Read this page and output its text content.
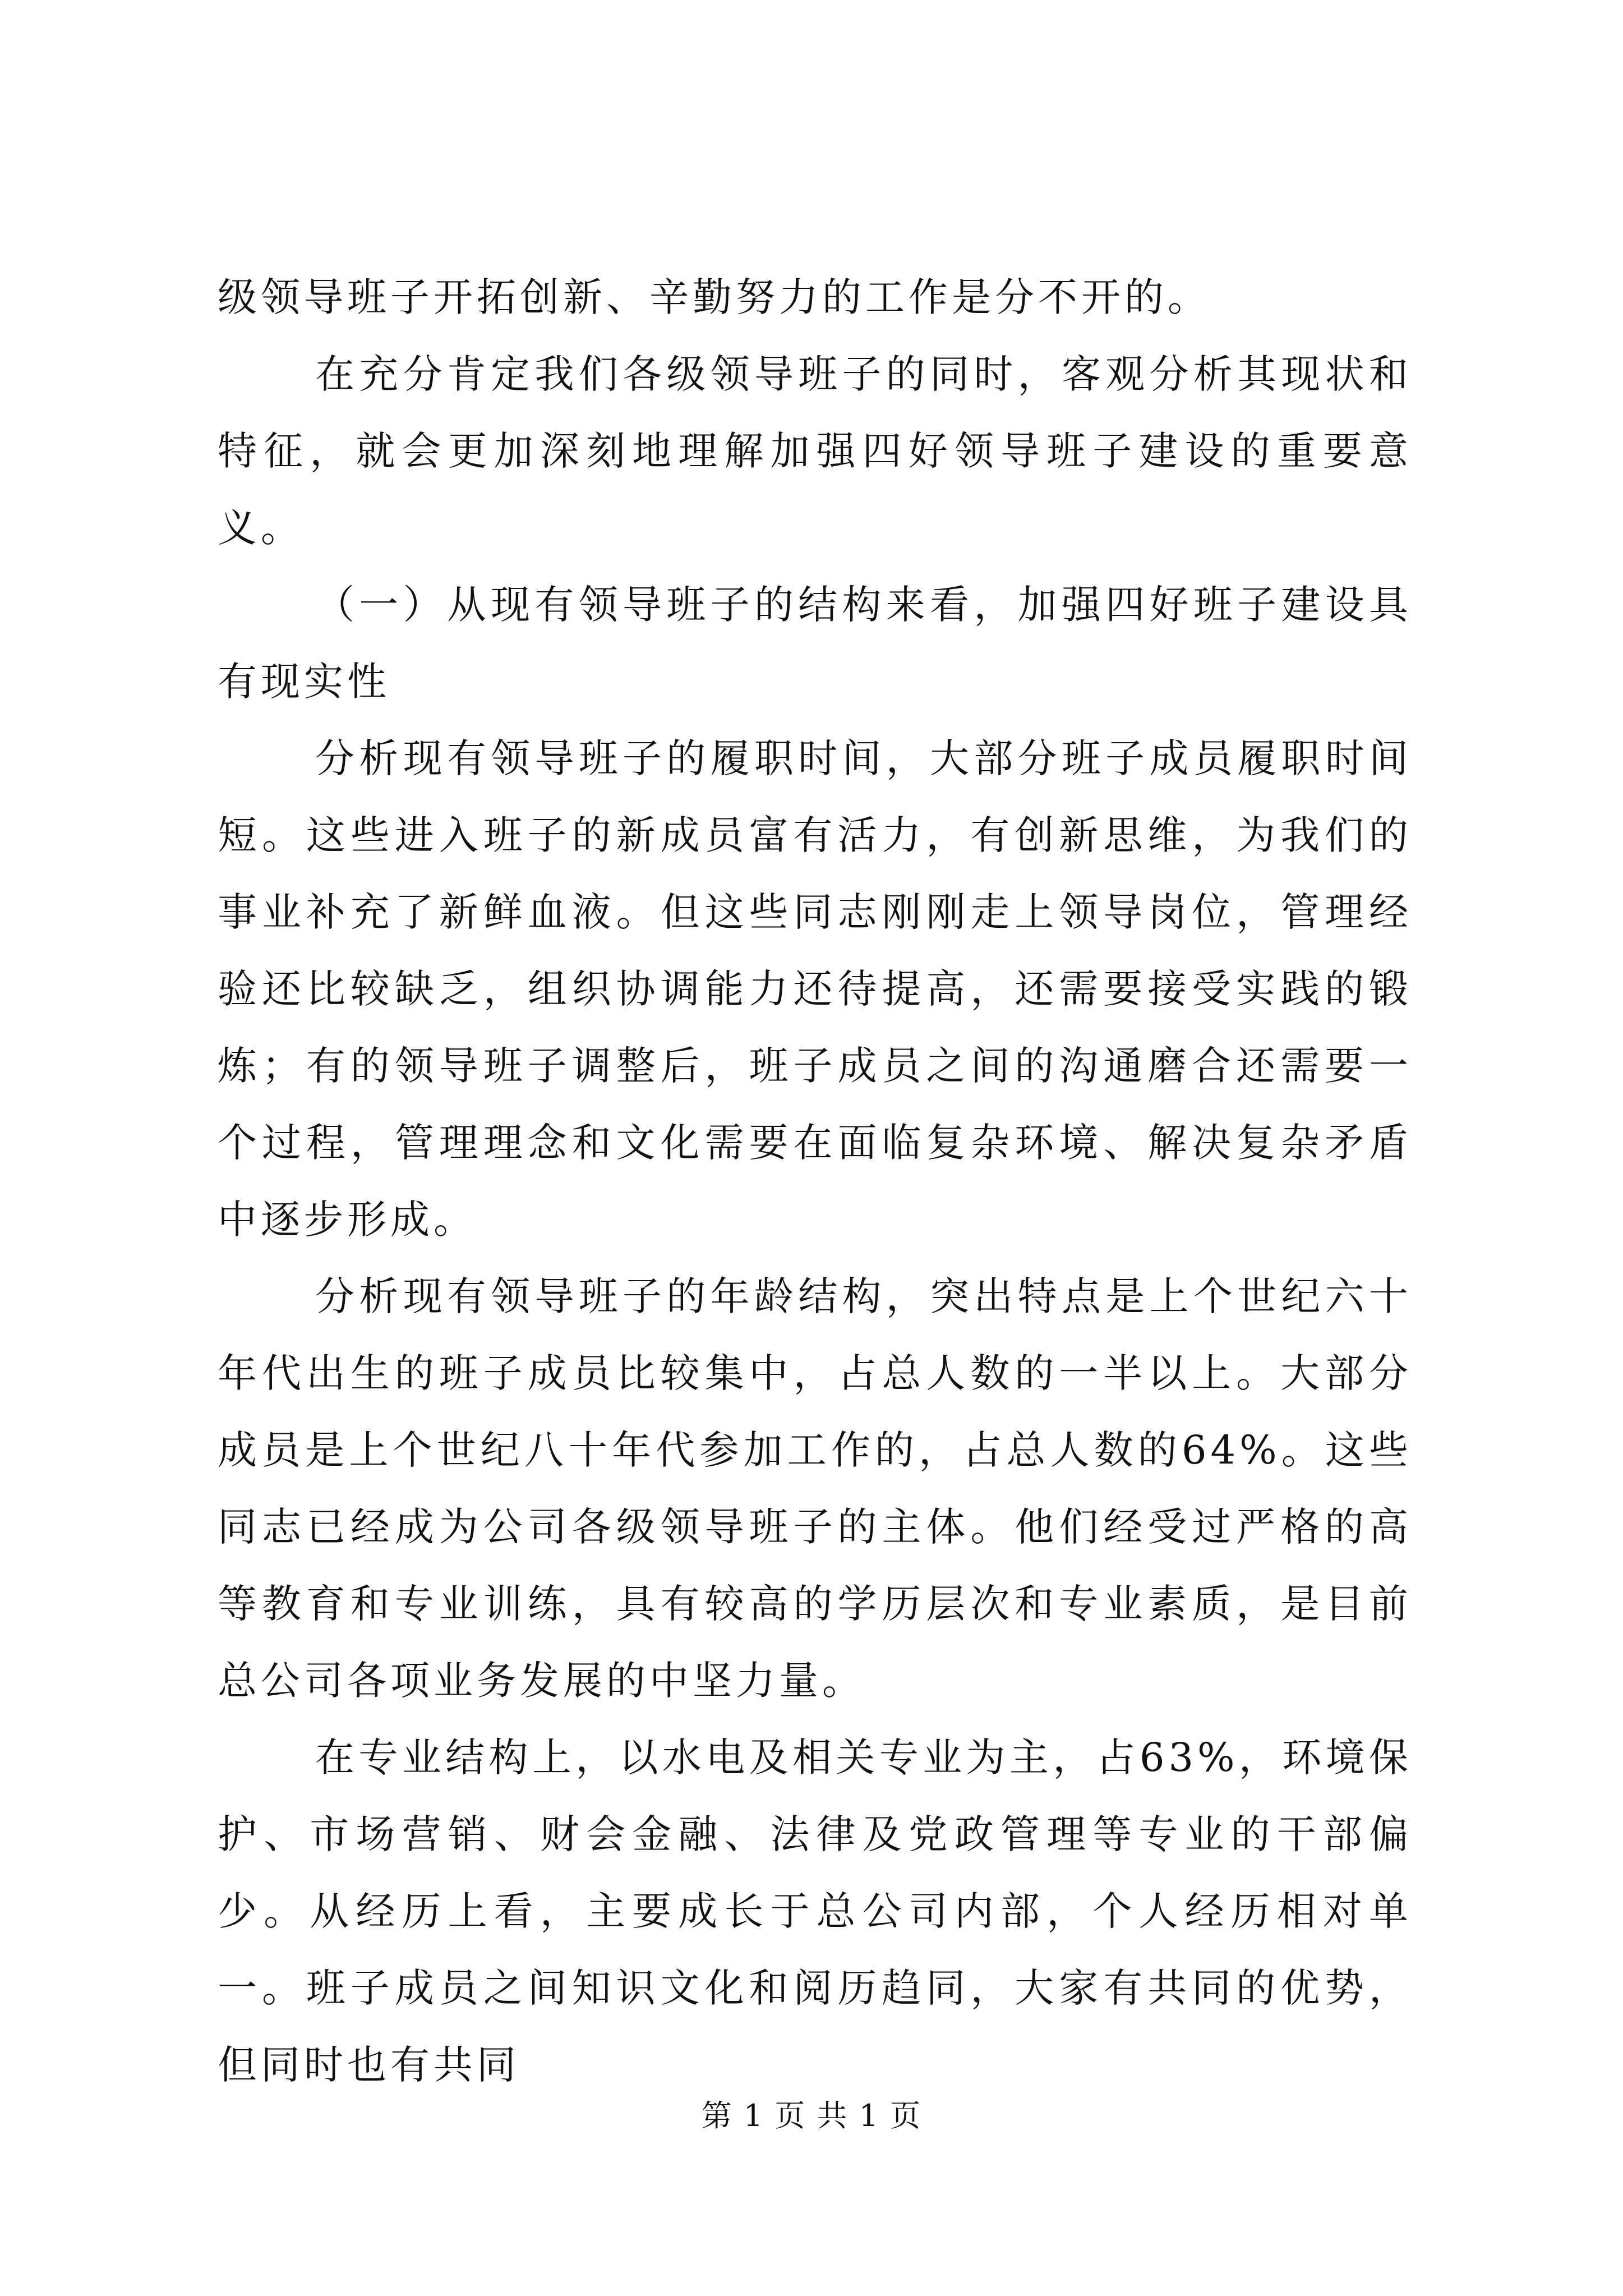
级领导班子开拓创新、辛勤努力的工作是分不开的。

在充分肯定我们各级领导班子的同时，客观分析其现状和特征，就会更加深刻地理解加强四好领导班子建设的重要意义。

（一）从现有领导班子的结构来看，加强四好班子建设具有现实性

分析现有领导班子的履职时间，大部分班子成员履职时间短。这些进入班子的新成员富有活力，有创新思维，为我们的事业补充了新鲜血液。但这些同志刚刚走上领导岗位，管理经验还比较缺乏，组织协调能力还待提高，还需要接受实践的锻炼；有的领导班子调整后，班子成员之间的沟通磨合还需要一个过程，管理理念和文化需要在面临复杂环境、解决复杂矛盾中逐步形成。

分析现有领导班子的年龄结构，突出特点是上个世纪六十年代出生的班子成员比较集中，占总人数的一半以上。大部分成员是上个世纪八十年代参加工作的，占总人数的64%。这些同志已经成为公司各级领导班子的主体。他们经受过严格的高等教育和专业训练，具有较高的学历层次和专业素质，是目前总公司各项业务发展的中坚力量。

在专业结构上，以水电及相关专业为主，占63%，环境保护、市场营销、财会金融、法律及党政管理等专业的干部偏少。从经历上看，主要成长于总公司内部，个人经历相对单一。班子成员之间知识文化和阅历趋同，大家有共同的优势，但同时也有共同

第 1 页 共 1 页
